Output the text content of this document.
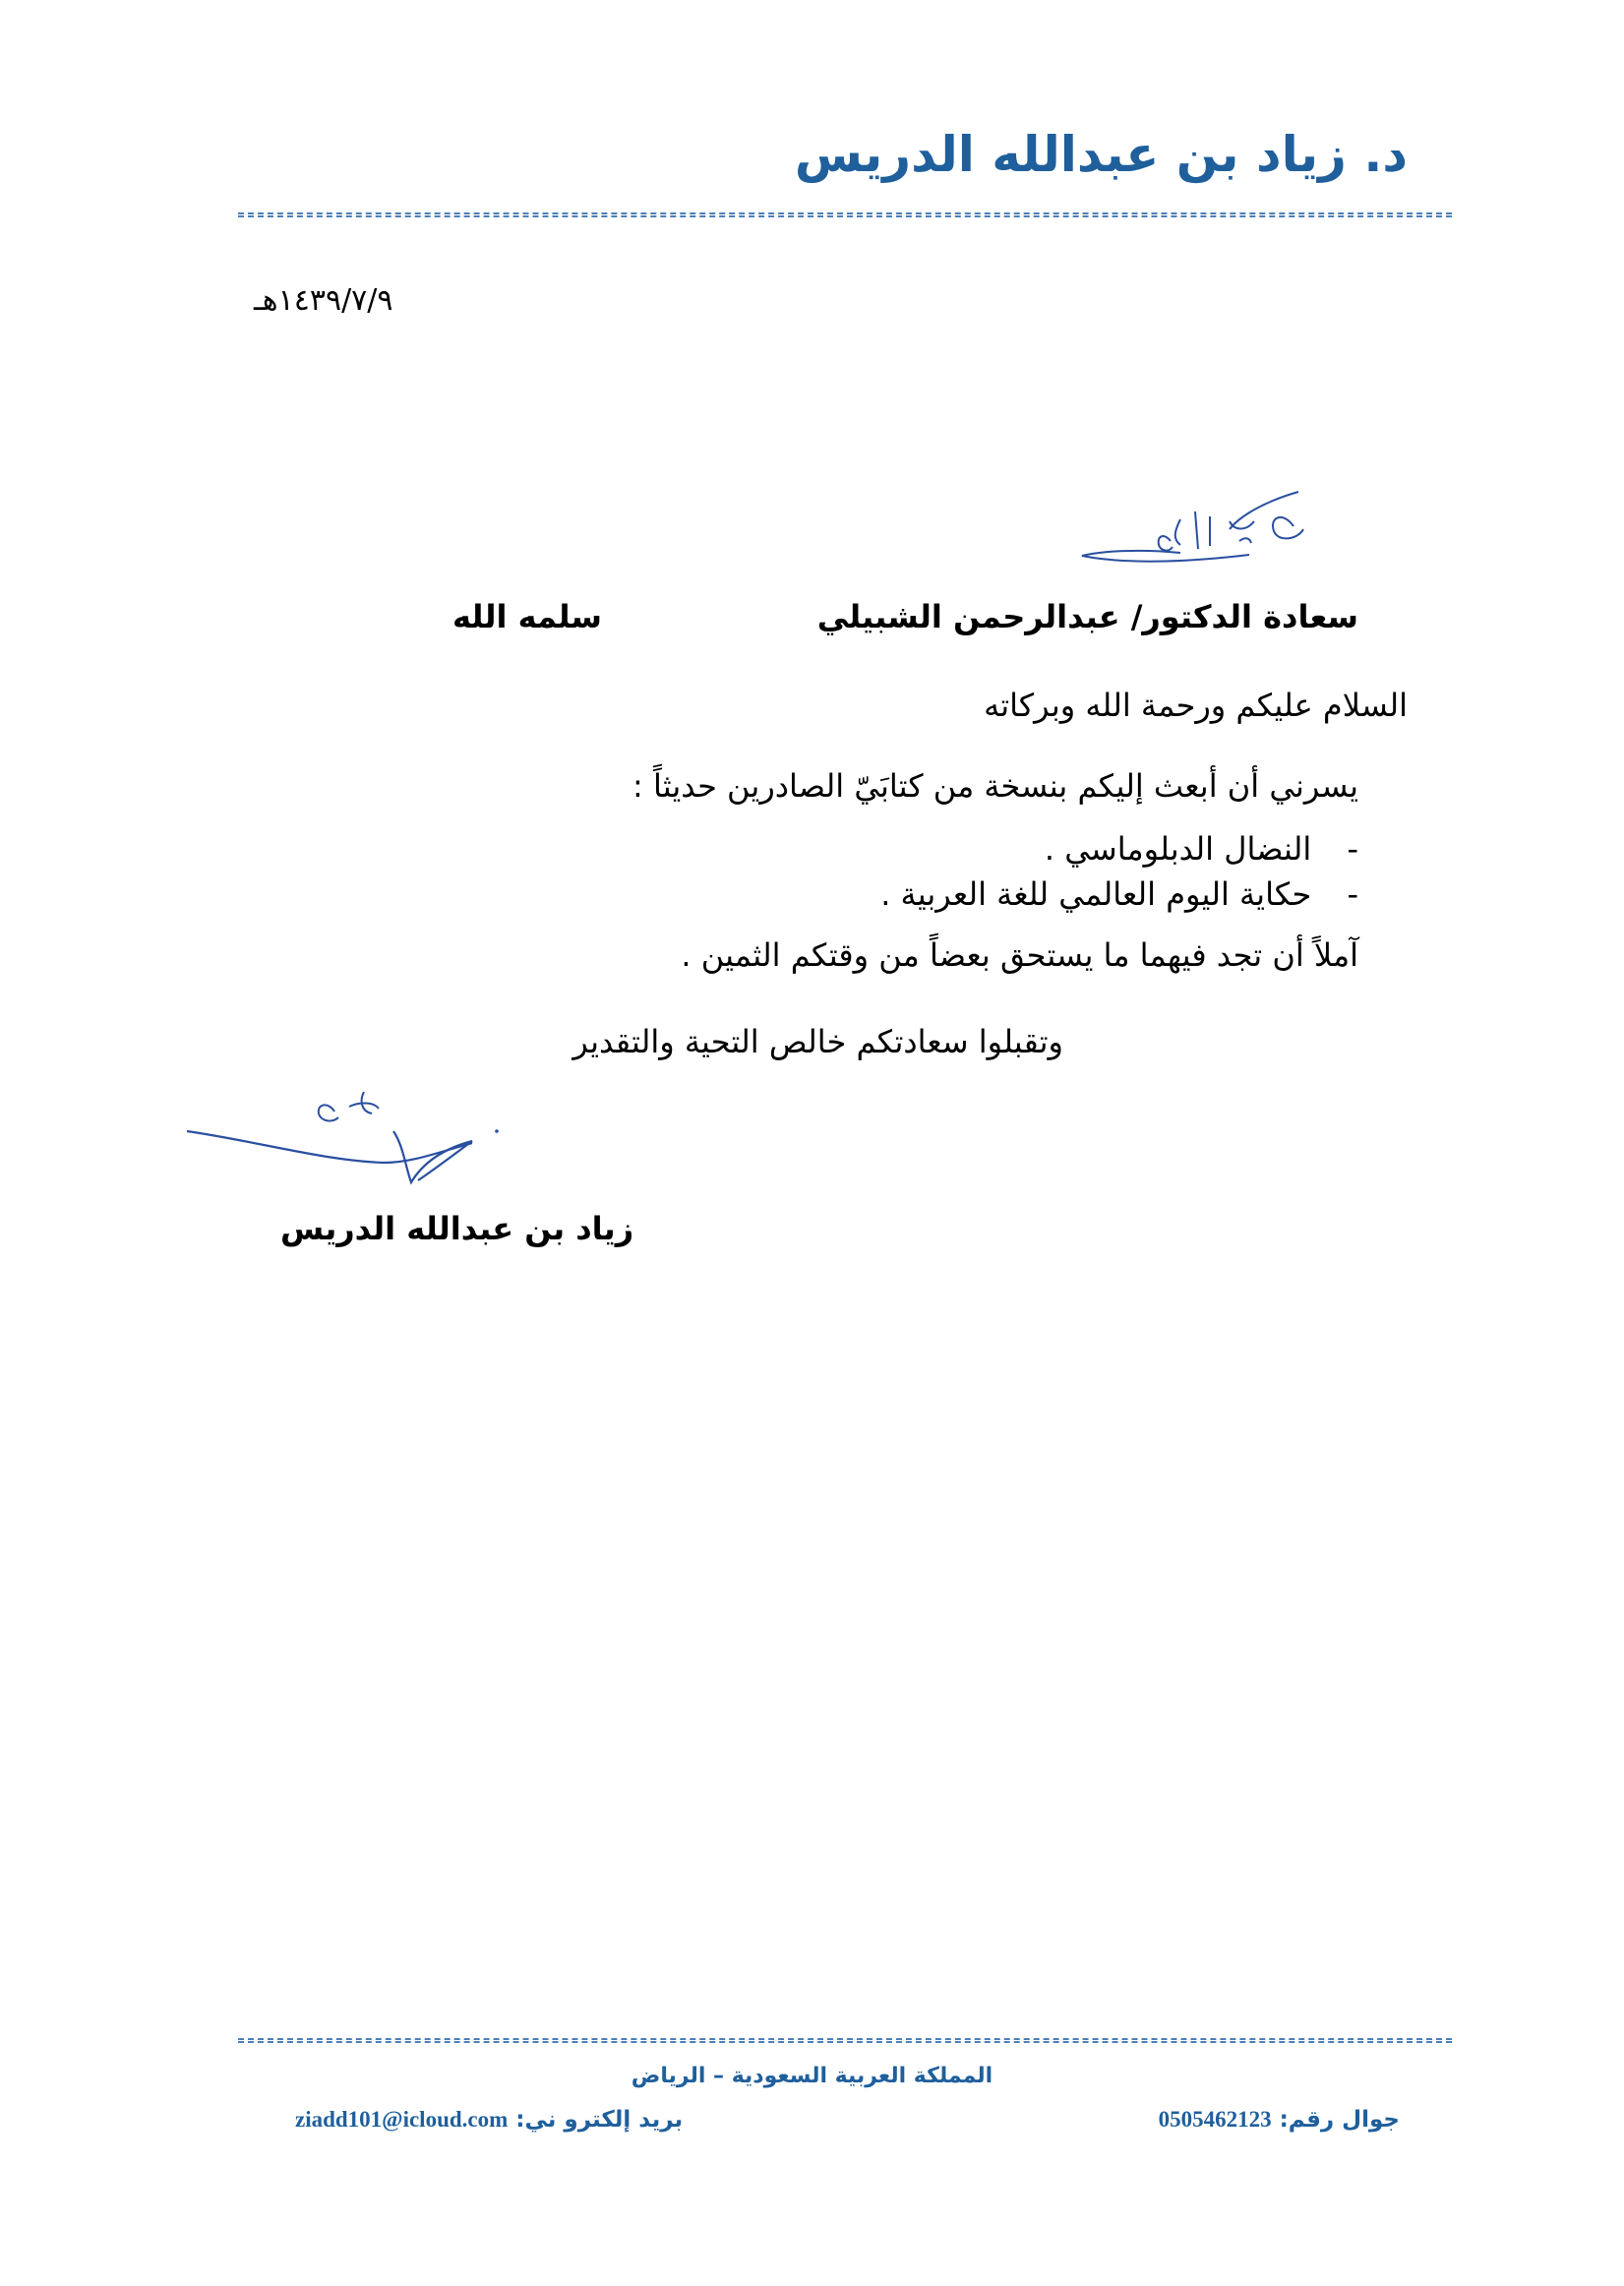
د. زياد بن عبدالله الدريس
١٤٣٩/٧/٩هـ
سعادة الدكتور/ عبدالرحمن الشبيلي
سلمه الله
السلام عليكم ورحمة الله وبركاته
يسرني أن أبعث إليكم بنسخة من كتابَيّ الصادرين حديثاً :
- النضال الدبلوماسي .
- حكاية اليوم العالمي للغة العربية .
آملاً أن تجد فيهما ما يستحق بعضاً من وقتكم الثمين .
وتقبلوا سعادتكم خالص التحية والتقدير
زياد بن عبدالله الدريس
المملكة العربية السعودية – الرياض
جوال رقم: 0505462123
بريد إلكترو ني: ziadd101@icloud.com
